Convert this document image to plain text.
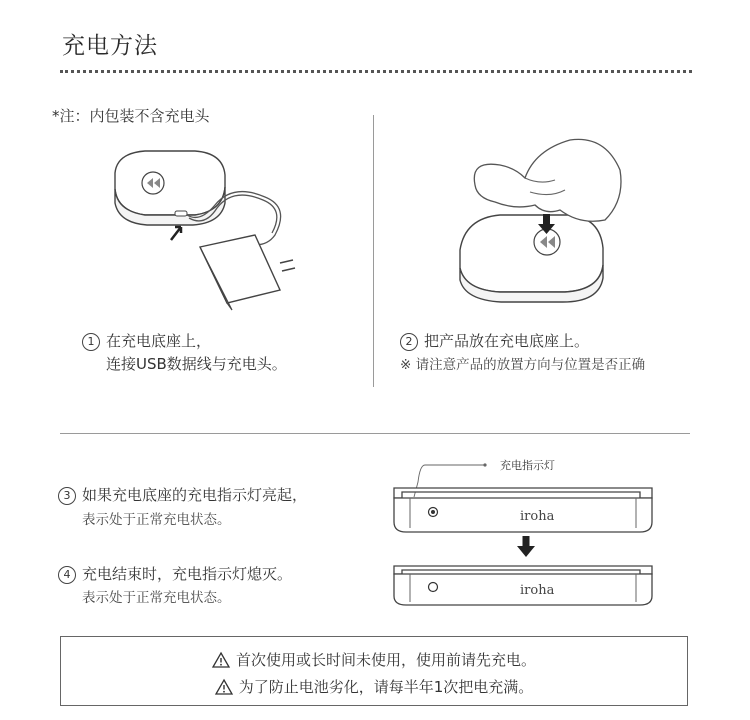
充电方法
*注：内包装不含充电头
1 在充电底座上，
连接USB数据线与充电头。
2 把产品放在充电底座上。
※ 请注意产品的放置方向与位置是否正确
3 如果充电底座的充电指示灯亮起，
表示处于正常充电状态。
4 充电结束时，充电指示灯熄灭。
表示处于正常充电状态。
充电指示灯
iroha
iroha
首次使用或长时间未使用，使用前请先充电。
为了防止电池劣化，请每半年1次把电充满。
